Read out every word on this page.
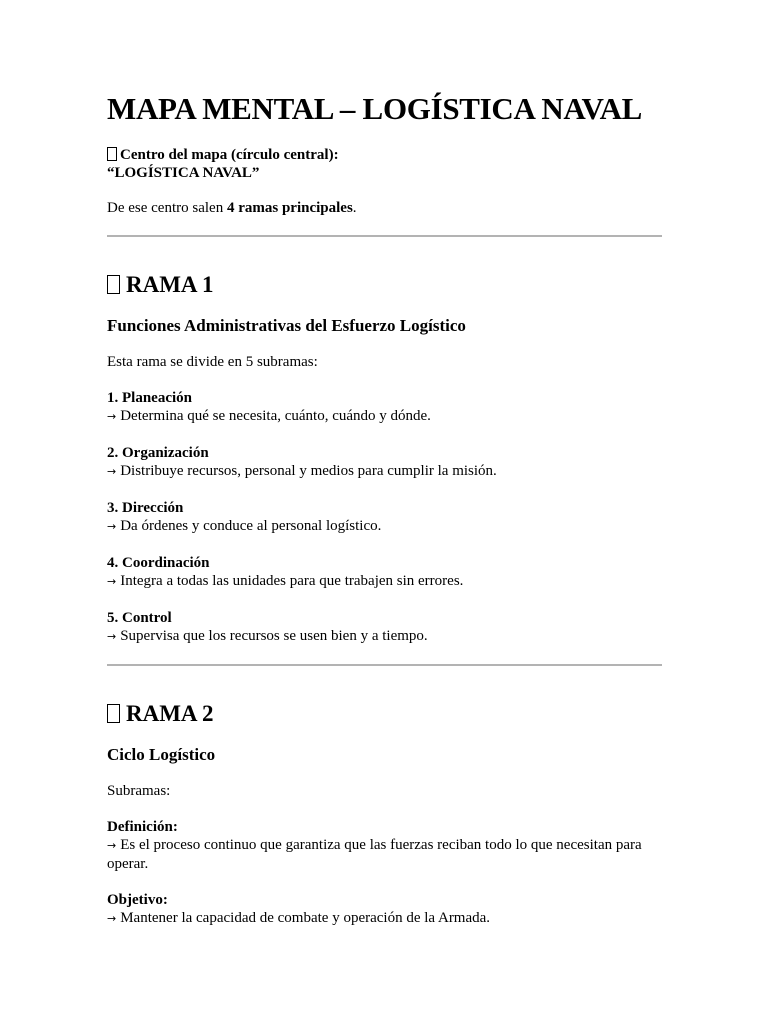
MAPA MENTAL – LOGÍSTICA NAVAL
Centro del mapa (círculo central):
“LOGÍSTICA NAVAL”

De ese centro salen 4 ramas principales.

RAMA 1
Funciones Administrativas del Esfuerzo Logístico

Esta rama se divide en 5 subramas:

1. Planeación
→ Determina qué se necesita, cuánto, cuándo y dónde.
2. Organización
→ Distribuye recursos, personal y medios para cumplir la misión.
3. Dirección
→ Da órdenes y conduce al personal logístico.
4. Coordinación
→ Integra a todas las unidades para que trabajen sin errores.
5. Control
→ Supervisa que los recursos se usen bien y a tiempo.
RAMA 2
Ciclo Logístico

Subramas:

Definición:
→ Es el proceso continuo que garantiza que las fuerzas reciban todo lo que necesitan para operar.
Objetivo:
→ Mantener la capacidad de combate y operación de la Armada.
